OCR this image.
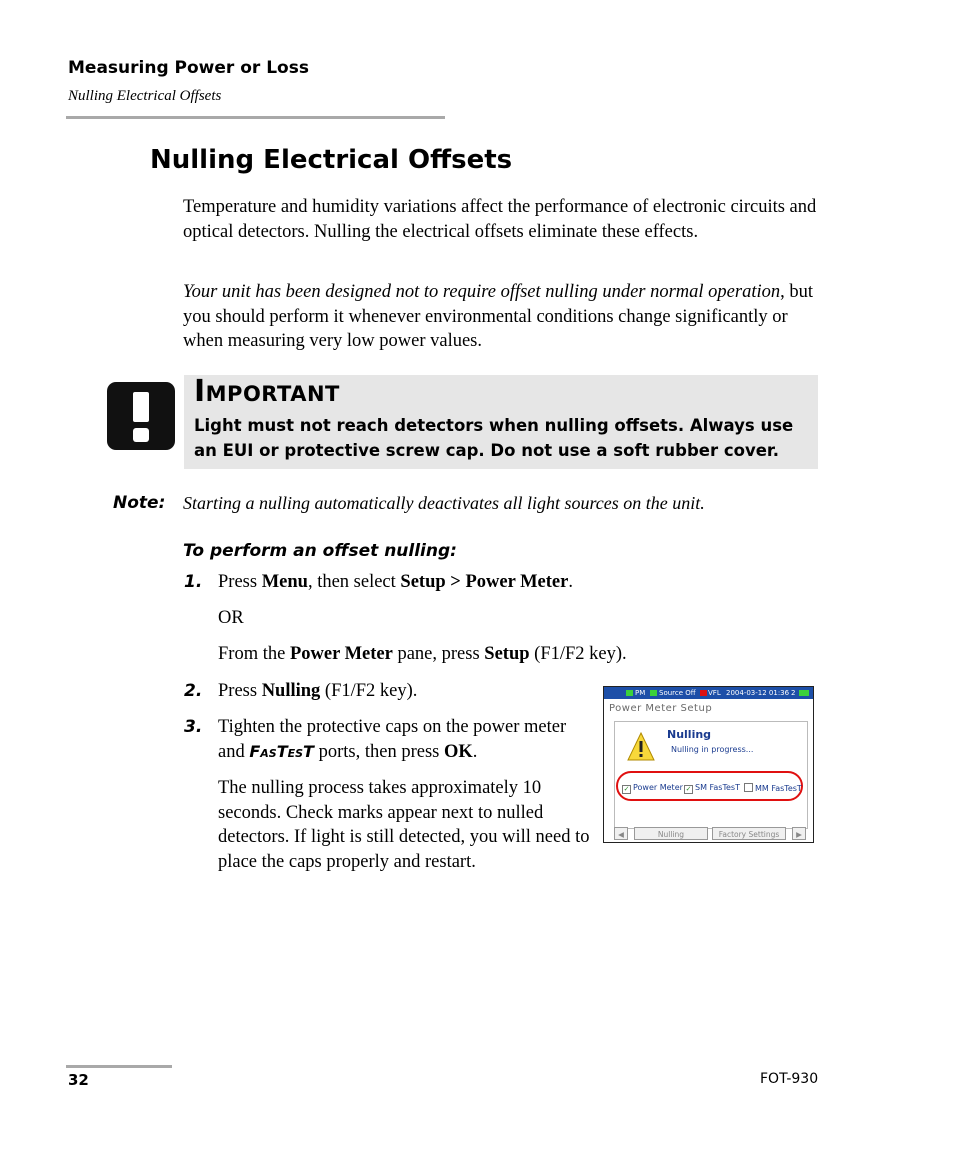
Measuring Power or Loss
Nulling Electrical Offsets
Nulling Electrical Offsets
Temperature and humidity variations affect the performance of electronic circuits and optical detectors. Nulling the electrical offsets eliminate these effects.
Your unit has been designed not to require offset nulling under normal operation, but you should perform it whenever environmental conditions change significantly or when measuring very low power values.
Important
Light must not reach detectors when nulling offsets. Always use an EUI or protective screw cap. Do not use a soft rubber cover.
Note: Starting a nulling automatically deactivates all light sources on the unit.
To perform an offset nulling:
1. Press Menu, then select Setup > Power Meter.
OR
From the Power Meter pane, press Setup (F1/F2 key).
2. Press Nulling (F1/F2 key).
3. Tighten the protective caps on the power meter and FasTesT ports, then press OK.
The nulling process takes approximately 10 seconds. Check marks appear next to nulled detectors. If light is still detected, you will need to place the caps properly and restart.
PM Source Off VFL 2004-03-12 01:36 2
Power Meter Setup
Nulling
Nulling in progress...
✓ Power Meter ✓ SM FasTesT	MM FasTesT
◀	Nulling	Factory Settings	▶
32	FOT-930
